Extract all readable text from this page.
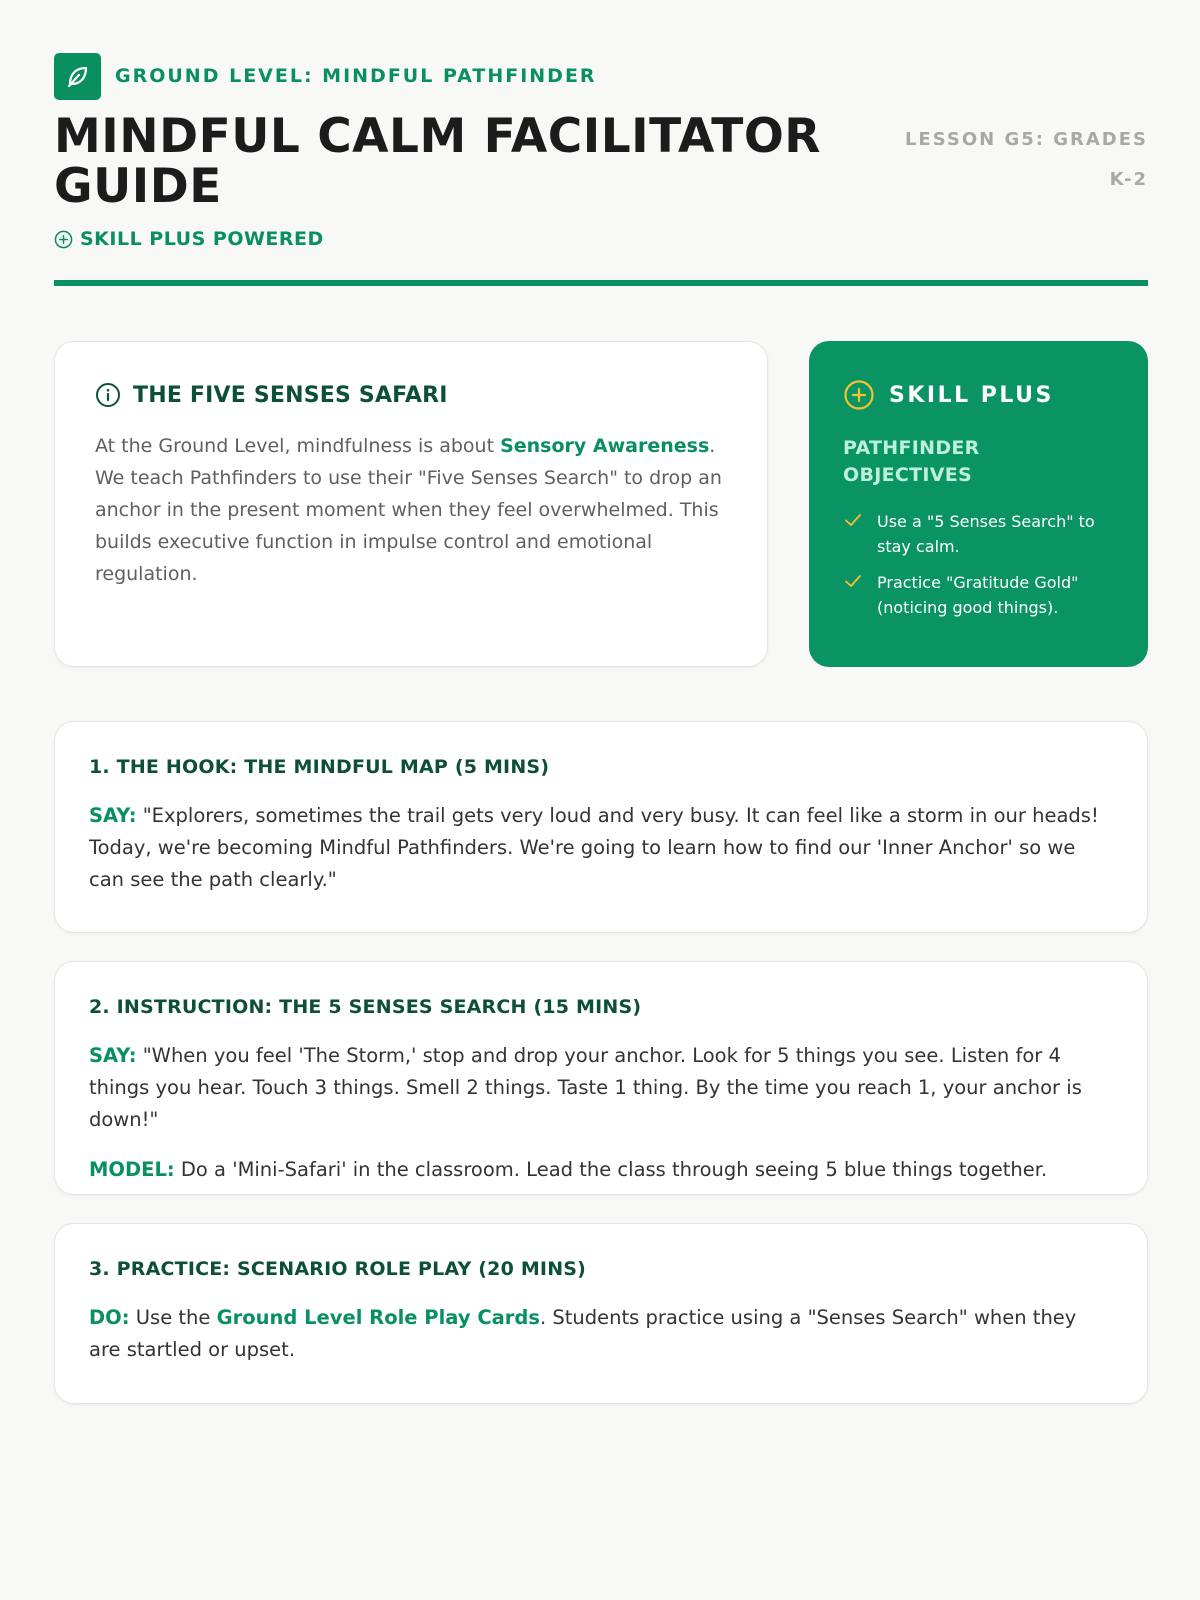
GROUND LEVEL: MINDFUL PATHFINDER
MINDFUL CALM FACILITATOR GUIDE
LESSON G5: GRADES K-2
SKILL PLUS POWERED
THE FIVE SENSES SAFARI

At the Ground Level, mindfulness is about Sensory Awareness. We teach Pathfinders to use their "Five Senses Search" to drop an anchor in the present moment when they feel overwhelmed. This builds executive function in impulse control and emotional regulation.

SKILL PLUS
PATHFINDER OBJECTIVES
Use a "5 Senses Search" to stay calm.
Practice "Gratitude Gold" (noticing good things).
1. THE HOOK: THE MINDFUL MAP (5 MINS)

SAY: "Explorers, sometimes the trail gets very loud and very busy. It can feel like a storm in our heads! Today, we're becoming Mindful Pathfinders. We're going to learn how to find our 'Inner Anchor' so we can see the path clearly."

2. INSTRUCTION: THE 5 SENSES SEARCH (15 MINS)

SAY: "When you feel 'The Storm,' stop and drop your anchor. Look for 5 things you see. Listen for 4 things you hear. Touch 3 things. Smell 2 things. Taste 1 thing. By the time you reach 1, your anchor is down!"

MODEL: Do a 'Mini-Safari' in the classroom. Lead the class through seeing 5 blue things together.

3. PRACTICE: SCENARIO ROLE PLAY (20 MINS)

DO: Use the Ground Level Role Play Cards. Students practice using a "Senses Search" when they are startled or upset.
